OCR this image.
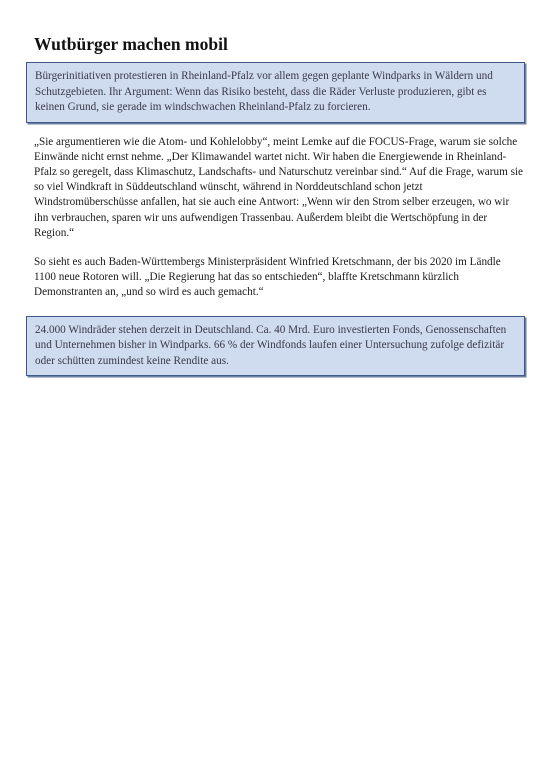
Wutbürger machen mobil
Bürgerinitiativen protestieren in Rheinland-Pfalz vor allem gegen geplante Windparks in Wäldern und Schutzgebieten. Ihr Argument: Wenn das Risiko besteht, dass die Räder Verluste produzieren, gibt es keinen Grund, sie gerade im windschwachen Rheinland-Pfalz zu forcieren.

„Sie argumentieren wie die Atom- und Kohlelobby“, meint Lemke auf die FOCUS-Frage, warum sie solche Einwände nicht ernst nehme. „Der Klimawandel wartet nicht. Wir haben die Energiewende in Rheinland-Pfalz so geregelt, dass Klimaschutz, Landschafts- und Naturschutz vereinbar sind.“ Auf die Frage, warum sie so viel Windkraft in Süddeutschland wünscht, während in Norddeutschland schon jetzt Windstromüberschüsse anfallen, hat sie auch eine Antwort: „Wenn wir den Strom selber erzeugen, wo wir ihn verbrauchen, sparen wir uns aufwendigen Trassenbau. Außerdem bleibt die Wertschöpfung in der Region.“

So sieht es auch Baden-Württembergs Ministerpräsident Winfried Kretschmann, der bis 2020 im Ländle 1100 neue Rotoren will. „Die Regierung hat das so entschieden“, blaffte Kretschmann kürzlich Demonstranten an, „und so wird es auch gemacht.“

24.000 Windräder stehen derzeit in Deutschland. Ca. 40 Mrd. Euro investierten Fonds, Genossenschaften und Unternehmen bisher in Windparks. 66 % der Windfonds laufen einer Untersuchung zufolge defizitär oder schütten zumindest keine Rendite aus.
